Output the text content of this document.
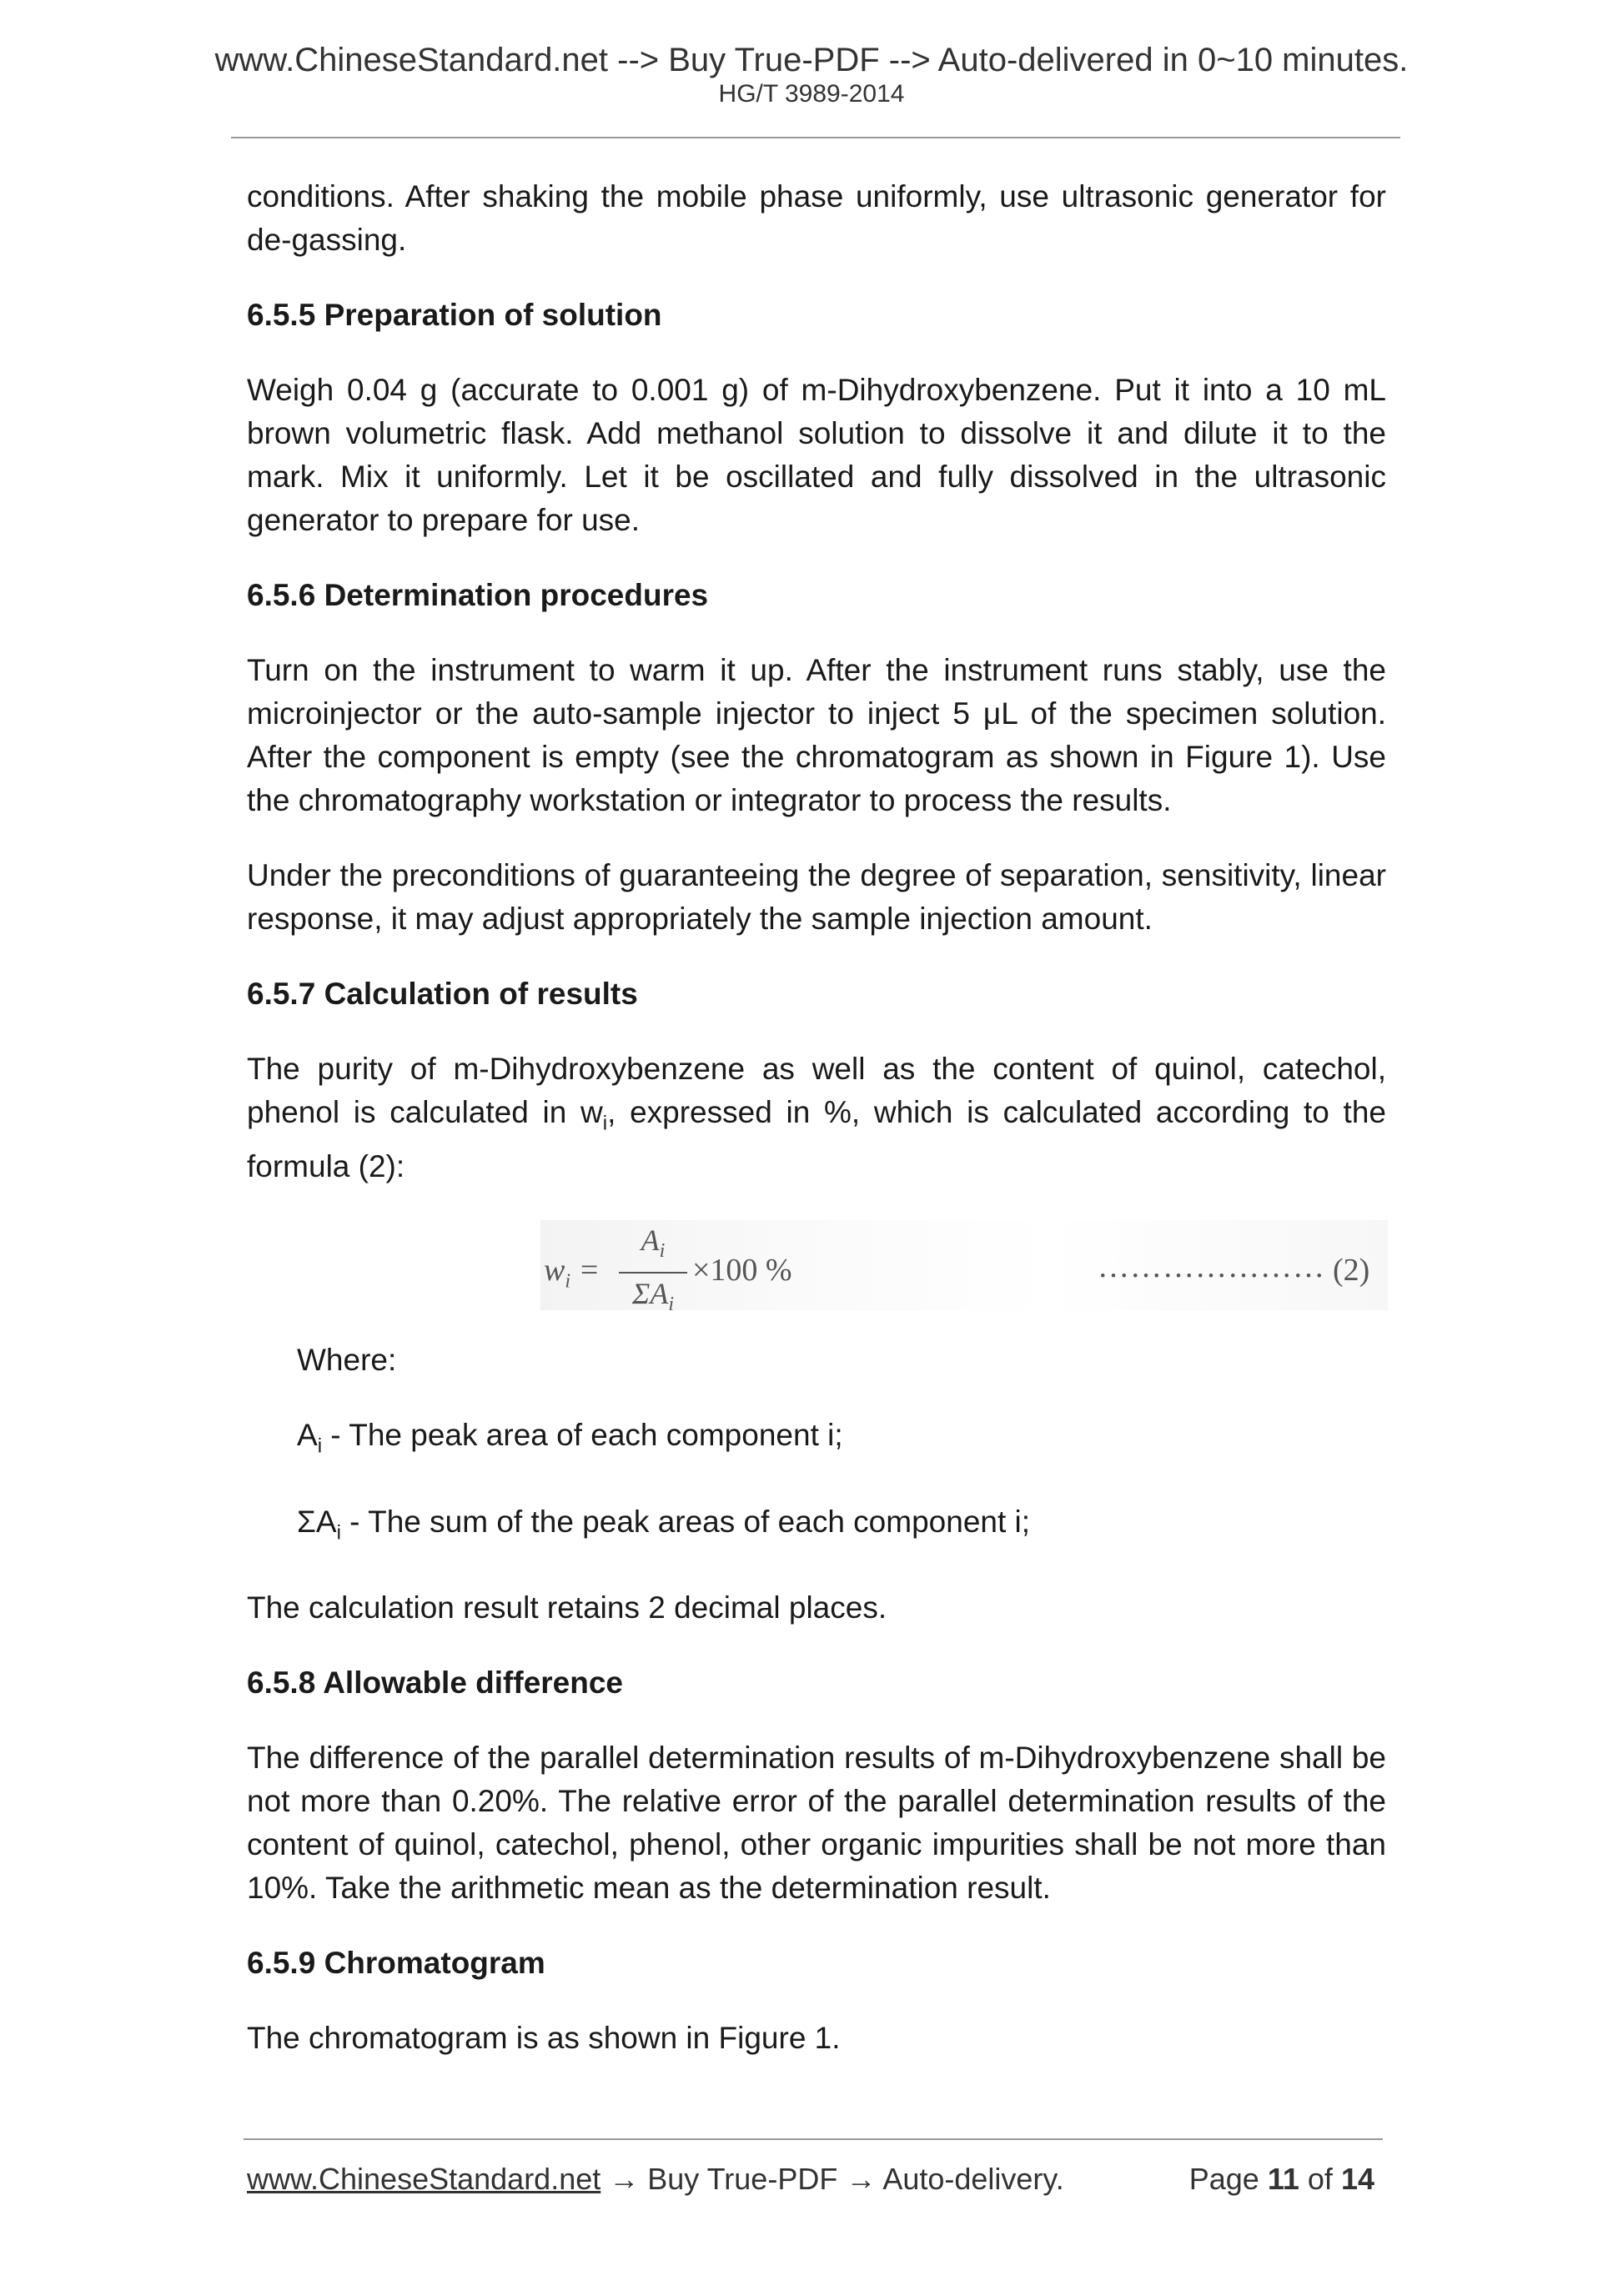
www.ChineseStandard.net --> Buy True-PDF --> Auto-delivered in 0~10 minutes.
HG/T 3989-2014

conditions. After shaking the mobile phase uniformly, use ultrasonic generator for de-gassing.

6.5.5 Preparation of solution

Weigh 0.04 g (accurate to 0.001 g) of m-Dihydroxybenzene. Put it into a 10 mL brown volumetric flask. Add methanol solution to dissolve it and dilute it to the mark. Mix it uniformly. Let it be oscillated and fully dissolved in the ultrasonic generator to prepare for use.

6.5.6 Determination procedures

Turn on the instrument to warm it up. After the instrument runs stably, use the microinjector or the auto-sample injector to inject 5 μL of the specimen solution. After the component is empty (see the chromatogram as shown in Figure 1). Use the chromatography workstation or integrator to process the results.

Under the preconditions of guaranteeing the degree of separation, sensitivity, linear response, it may adjust appropriately the sample injection amount.

6.5.7 Calculation of results

The purity of m-Dihydroxybenzene as well as the content of quinol, catechol, phenol is calculated in $w_i$, expressed in %, which is calculated according to the formula (2):

$w_i$ =
$A_i$
$\Sigma A_i$
×100 %	………………… (2)

Where:

$A_i$ - The peak area of each component i;

$\Sigma A_i$ - The sum of the peak areas of each component i;

The calculation result retains 2 decimal places.

6.5.8 Allowable difference

The difference of the parallel determination results of m-Dihydroxybenzene shall be not more than 0.20%. The relative error of the parallel determination results of the content of quinol, catechol, phenol, other organic impurities shall be not more than 10%. Take the arithmetic mean as the determination result.

6.5.9 Chromatogram

The chromatogram is as shown in Figure 1.

www.ChineseStandard.net → Buy True-PDF → Auto-delivery.	Page 11 of 14
